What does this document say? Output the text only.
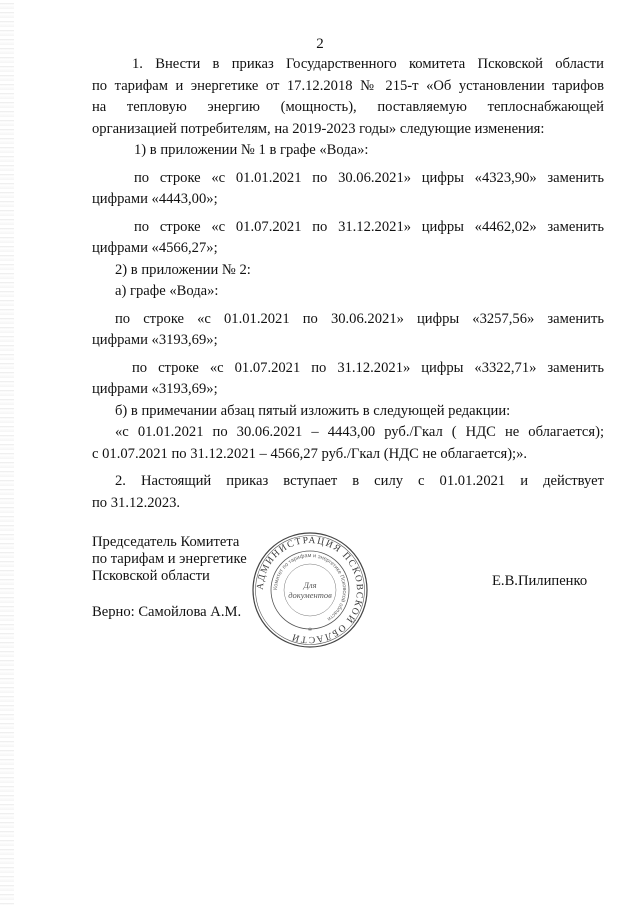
2
1. Внести в приказ Государственного комитета Псковской области
по тарифам и энергетике от 17.12.2018 № 215-т «Об установлении тарифов
на тепловую энергию (мощность), поставляемую теплоснабжающей
организацией потребителям, на 2019-2023 годы» следующие изменения:
1) в приложении № 1 в графе «Вода»:
по строке «с 01.01.2021 по 30.06.2021» цифры «4323,90» заменить
цифрами «4443,00»;
по строке «с 01.07.2021 по 31.12.2021» цифры «4462,02» заменить
цифрами «4566,27»;
2) в приложении № 2:
а) графе «Вода»:
по строке «с 01.01.2021 по 30.06.2021» цифры «3257,56» заменить
цифрами «3193,69»;
по строке «с 01.07.2021 по 31.12.2021» цифры «3322,71» заменить
цифрами «3193,69»;
б) в примечании абзац пятый изложить в следующей редакции:
«с 01.01.2021 по 30.06.2021 – 4443,00 руб./Гкал ( НДС не облагается);
с 01.07.2021 по 31.12.2021 – 4566,27 руб./Гкал (НДС не облагается);».
2. Настоящий приказ вступает в силу с 01.01.2021 и действует
по 31.12.2023.
Председатель Комитета
по тарифам и энергетике
Псковской области
Верно: Самойлова А.М.
Е.В.Пилипенко
АДМИНИСТРАЦИЯ ПСКОВСКОЙ ОБЛАСТИ
Комитет по тарифам и энергетике Псковской области
Для
документов
*
